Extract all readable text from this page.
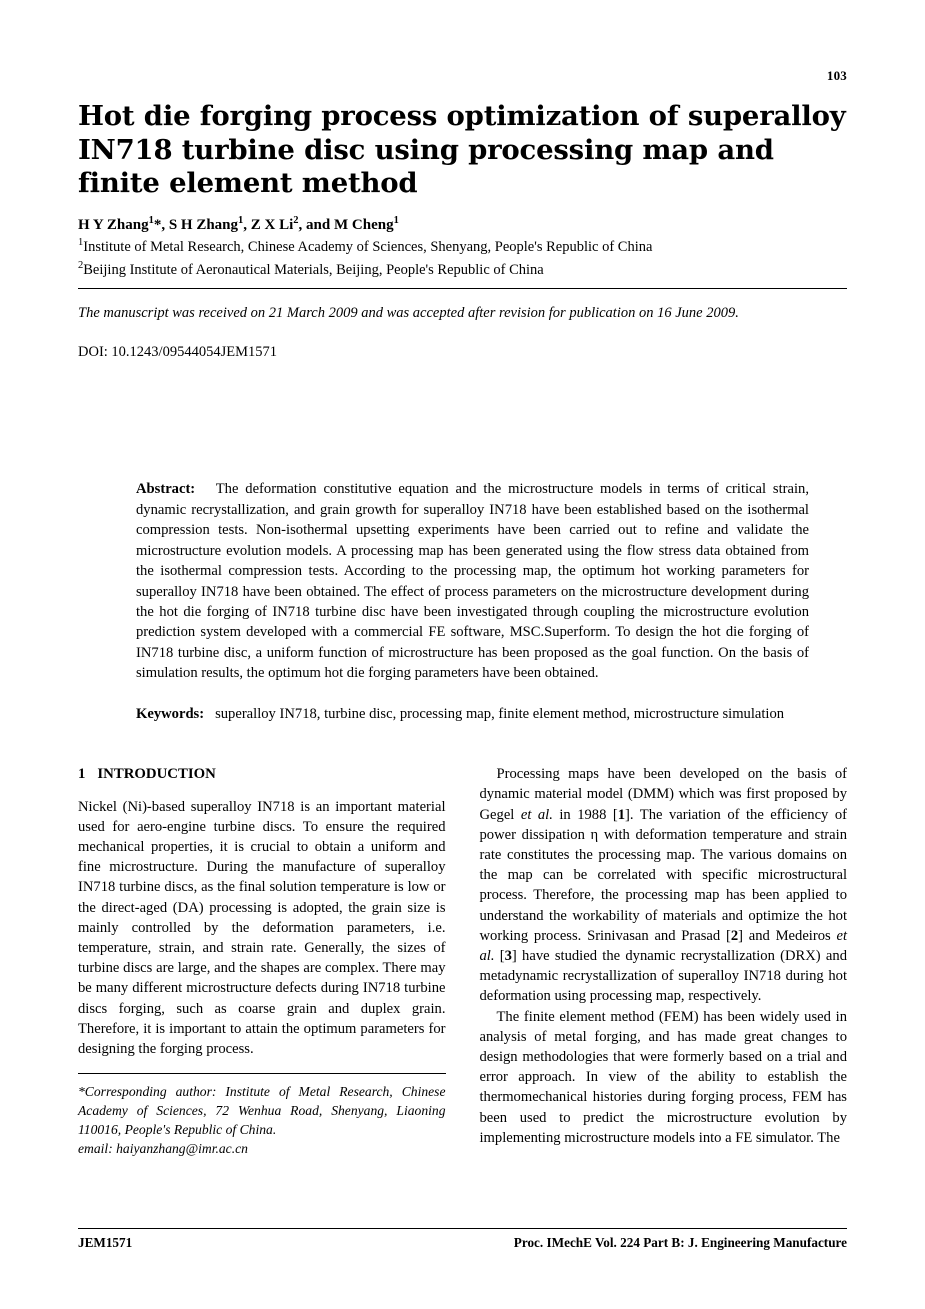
103
Hot die forging process optimization of superalloy IN718 turbine disc using processing map and finite element method
H Y Zhang$^1$*, S H Zhang$^1$, Z X Li$^2$, and M Cheng$^1$
$^1$Institute of Metal Research, Chinese Academy of Sciences, Shenyang, People's Republic of China
$^2$Beijing Institute of Aeronautical Materials, Beijing, People's Republic of China
The manuscript was received on 21 March 2009 and was accepted after revision for publication on 16 June 2009.
DOI: 10.1243/09544054JEM1571
Abstract: The deformation constitutive equation and the microstructure models in terms of critical strain, dynamic recrystallization, and grain growth for superalloy IN718 have been established based on the isothermal compression tests. Non-isothermal upsetting experiments have been carried out to refine and validate the microstructure evolution models. A processing map has been generated using the flow stress data obtained from the isothermal compression tests. According to the processing map, the optimum hot working parameters for superalloy IN718 have been obtained. The effect of process parameters on the microstructure development during the hot die forging of IN718 turbine disc have been investigated through coupling the microstructure evolution prediction system developed with a commercial FE software, MSC.Superform. To design the hot die forging of IN718 turbine disc, a uniform function of microstructure has been proposed as the goal function. On the basis of simulation results, the optimum hot die forging parameters have been obtained.
Keywords: superalloy IN718, turbine disc, processing map, finite element method, microstructure simulation
1 INTRODUCTION

Nickel (Ni)-based superalloy IN718 is an important material used for aero-engine turbine discs. To ensure the required mechanical properties, it is crucial to obtain a uniform and fine microstructure. During the manufacture of superalloy IN718 turbine discs, as the final solution temperature is low or the direct-aged (DA) processing is adopted, the grain size is mainly controlled by the deformation parameters, i.e. temperature, strain, and strain rate. Generally, the sizes of turbine discs are large, and the shapes are complex. There may be many different microstructure defects during IN718 turbine discs forging, such as coarse grain and duplex grain. Therefore, it is important to attain the optimum parameters for designing the forging process.

*Corresponding author: Institute of Metal Research, Chinese Academy of Sciences, 72 Wenhua Road, Shenyang, Liaoning 110016, People's Republic of China.
email: haiyanzhang@imr.ac.cn

Processing maps have been developed on the basis of dynamic material model (DMM) which was first proposed by Gegel et al. in 1988 [1]. The variation of the efficiency of power dissipation η with deformation temperature and strain rate constitutes the processing map. The various domains on the map can be correlated with specific microstructural process. Therefore, the processing map has been applied to understand the workability of materials and optimize the hot working process. Srinivasan and Prasad [2] and Medeiros et al. [3] have studied the dynamic recrystallization (DRX) and metadynamic recrystallization of superalloy IN718 during hot deformation using processing map, respectively.

The finite element method (FEM) has been widely used in analysis of metal forging, and has made great changes to design methodologies that were formerly based on a trial and error approach. In view of the ability to establish the thermomechanical histories during forging process, FEM has been used to predict the microstructure evolution by implementing microstructure models into a FE simulator. The

JEM1571	Proc. IMechE Vol. 224 Part B: J. Engineering Manufacture
